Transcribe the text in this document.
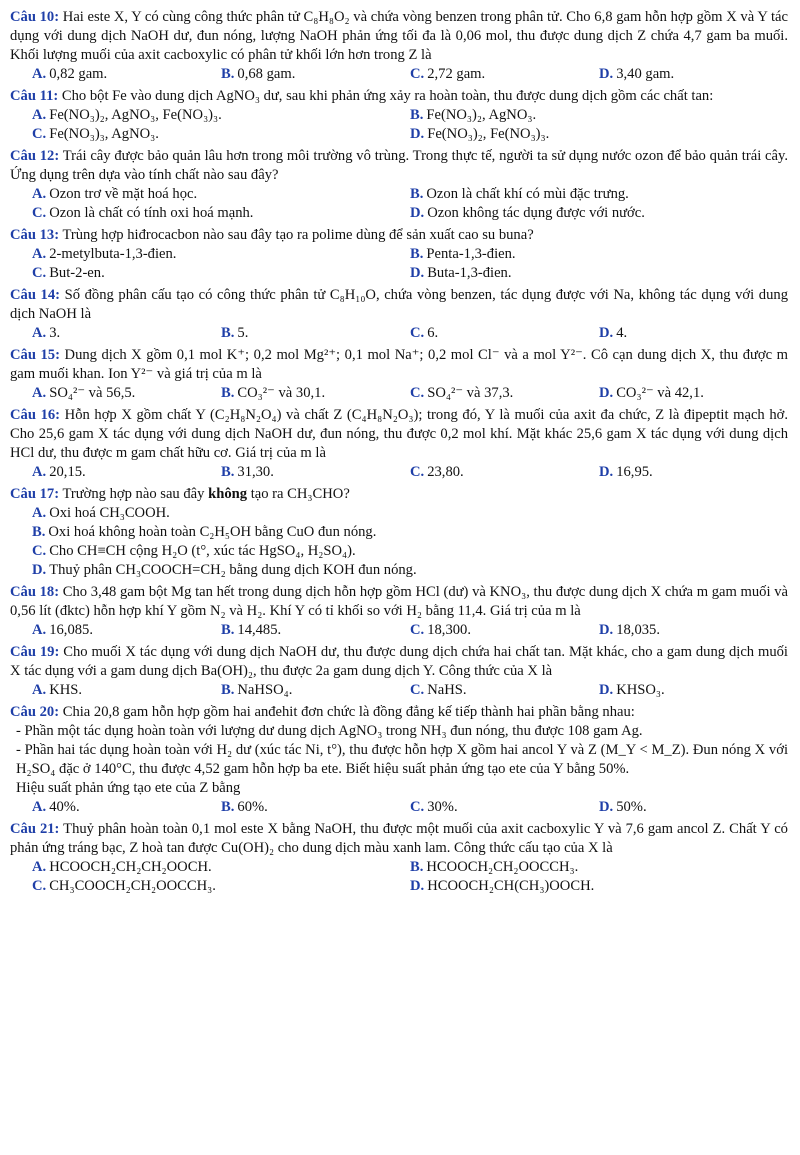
Câu 10: Hai este X, Y có cùng công thức phân tử C₈H₈O₂ và chứa vòng benzen trong phân tử. Cho 6,8 gam hỗn hợp gồm X và Y tác dụng với dung dịch NaOH dư, đun nóng, lượng NaOH phản ứng tối đa là 0,06 mol, thu được dung dịch Z chứa 4,7 gam ba muối. Khối lượng muối của axit cacboxylic có phân tử khối lớn hơn trong Z là
A. 0,82 gam.	B. 0,68 gam.	C. 2,72 gam.	D. 3,40 gam.
Câu 11: Cho bột Fe vào dung dịch AgNO₃ dư, sau khi phản ứng xảy ra hoàn toàn, thu được dung dịch gồm các chất tan:
A. Fe(NO₃)₂, AgNO₃, Fe(NO₃)₃.	B. Fe(NO₃)₂, AgNO₃.
C. Fe(NO₃)₃, AgNO₃.	D. Fe(NO₃)₂, Fe(NO₃)₃.
Câu 12: Trái cây được bảo quản lâu hơn trong môi trường vô trùng. Trong thực tế, người ta sử dụng nước ozon để bảo quản trái cây. Ứng dụng trên dựa vào tính chất nào sau đây?
A. Ozon trơ về mặt hoá học.	B. Ozon là chất khí có mùi đặc trưng.
C. Ozon là chất có tính oxi hoá mạnh.	D. Ozon không tác dụng được với nước.
Câu 13: Trùng hợp hiđrocacbon nào sau đây tạo ra polime dùng để sản xuất cao su buna?
A. 2-metylbuta-1,3-đien.	B. Penta-1,3-đien.
C. But-2-en.	D. Buta-1,3-đien.
Câu 14: Số đồng phân cấu tạo có công thức phân tử C₈H₁₀O, chứa vòng benzen, tác dụng được với Na, không tác dụng với dung dịch NaOH là
A. 3.	B. 5.	C. 6.	D. 4.
Câu 15: Dung dịch X gồm 0,1 mol K⁺; 0,2 mol Mg²⁺; 0,1 mol Na⁺; 0,2 mol Cl⁻ và a mol Y²⁻. Cô cạn dung dịch X, thu được m gam muối khan. Ion Y²⁻ và giá trị của m là
A. SO₄²⁻ và 56,5.	B. CO₃²⁻ và 30,1.	C. SO₄²⁻ và 37,3.	D. CO₃²⁻ và 42,1.
Câu 16: Hỗn hợp X gồm chất Y (C₂H₈N₂O₄) và chất Z (C₄H₈N₂O₃); trong đó, Y là muối của axit đa chức, Z là đipeptit mạch hở. Cho 25,6 gam X tác dụng với dung dịch NaOH dư, đun nóng, thu được 0,2 mol khí. Mặt khác 25,6 gam X tác dụng với dung dịch HCl dư, thu được m gam chất hữu cơ. Giá trị của m là
A. 20,15.	B. 31,30.	C. 23,80.	D. 16,95.
Câu 17: Trường hợp nào sau đây không tạo ra CH₃CHO?
A. Oxi hoá CH₃COOH.
B. Oxi hoá không hoàn toàn C₂H₅OH bằng CuO đun nóng.
C. Cho CH≡CH cộng H₂O (t°, xúc tác HgSO₄, H₂SO₄).
D. Thuỷ phân CH₃COOCH=CH₂ bằng dung dịch KOH đun nóng.
Câu 18: Cho 3,48 gam bột Mg tan hết trong dung dịch hỗn hợp gồm HCl (dư) và KNO₃, thu được dung dịch X chứa m gam muối và 0,56 lít (đktc) hỗn hợp khí Y gồm N₂ và H₂. Khí Y có tỉ khối so với H₂ bằng 11,4. Giá trị của m là
A. 16,085.	B. 14,485.	C. 18,300.	D. 18,035.
Câu 19: Cho muối X tác dụng với dung dịch NaOH dư, thu được dung dịch chứa hai chất tan. Mặt khác, cho a gam dung dịch muối X tác dụng với a gam dung dịch Ba(OH)₂, thu được 2a gam dung dịch Y. Công thức của X là
A. KHS.	B. NaHSO₄.	C. NaHS.	D. KHSO₃.
Câu 20: Chia 20,8 gam hỗn hợp gồm hai anđehit đơn chức là đồng đẳng kế tiếp thành hai phần bằng nhau:
- Phần một tác dụng hoàn toàn với lượng dư dung dịch AgNO₃ trong NH₃ đun nóng, thu được 108 gam Ag.
- Phần hai tác dụng hoàn toàn với H₂ dư (xúc tác Ni, t°), thu được hỗn hợp X gồm hai ancol Y và Z (M_Y < M_Z). Đun nóng X với H₂SO₄ đặc ở 140°C, thu được 4,52 gam hỗn hợp ba ete. Biết hiệu suất phản ứng tạo ete của Y bằng 50%.
Hiệu suất phản ứng tạo ete của Z bằng
A. 40%.	B. 60%.	C. 30%.	D. 50%.
Câu 21: Thuỷ phân hoàn toàn 0,1 mol este X bằng NaOH, thu được một muối của axit cacboxylic Y và 7,6 gam ancol Z. Chất Y có phản ứng tráng bạc, Z hoà tan được Cu(OH)₂ cho dung dịch màu xanh lam. Công thức cấu tạo của X là
A. HCOOCH₂CH₂CH₂OOCH.	B. HCOOCH₂CH₂OOCCH₃.
C. CH₃COOCH₂CH₂OOCCH₃.	D. HCOOCH₂CH(CH₃)OOCH.
